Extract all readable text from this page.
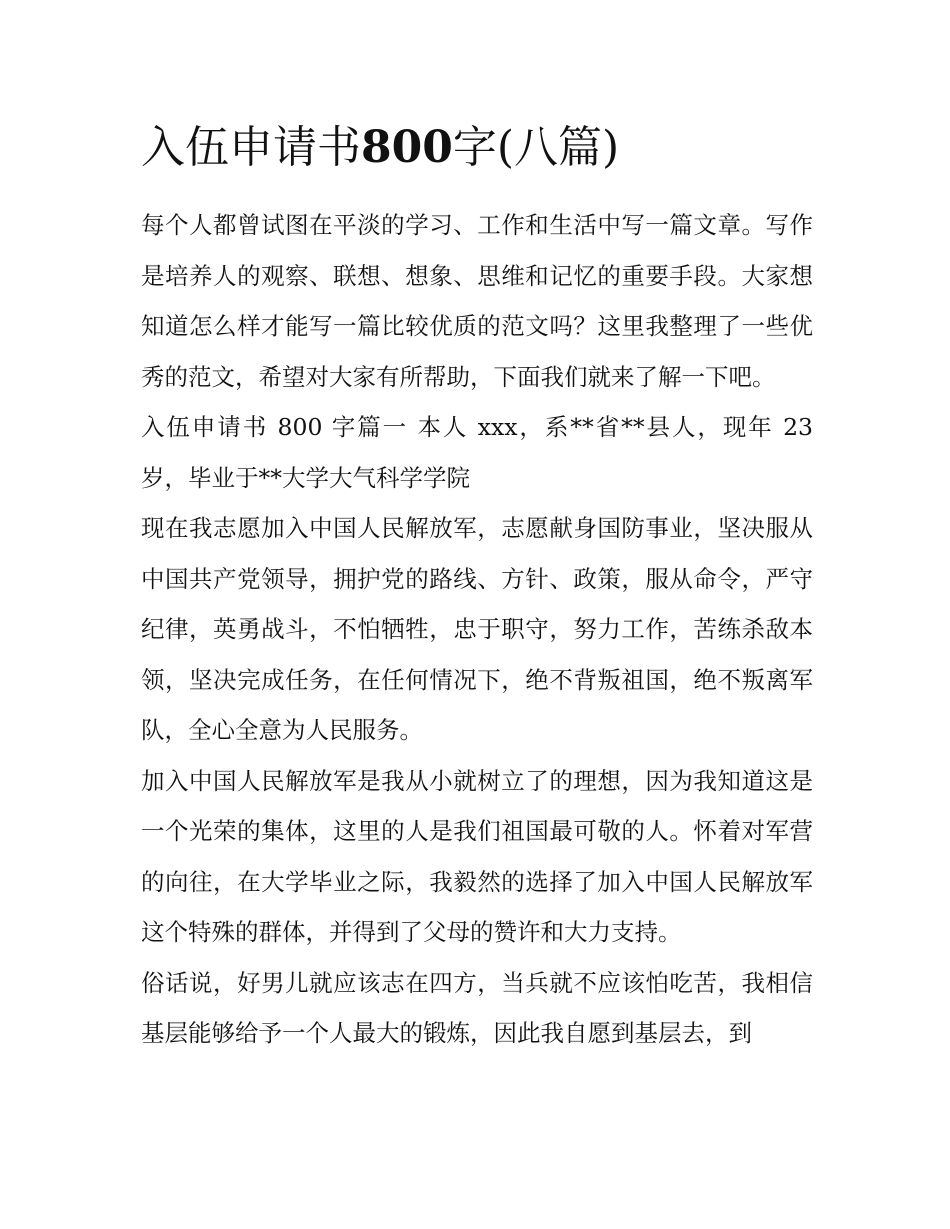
入伍申请书800字(八篇)

每个人都曾试图在平淡的学习、工作和生活中写一篇文章。写作是培养人的观察、联想、想象、思维和记忆的重要手段。大家想知道怎么样才能写一篇比较优质的范文吗？这里我整理了一些优秀的范文，希望对大家有所帮助，下面我们就来了解一下吧。

入伍申请书 800 字篇一 本人 xxx，系**省**县人，现年 23 岁，毕业于**大学大气科学学院

现在我志愿加入中国人民解放军，志愿献身国防事业，坚决服从中国共产党领导，拥护党的路线、方针、政策，服从命令，严守纪律，英勇战斗，不怕牺牲，忠于职守，努力工作，苦练杀敌本领，坚决完成任务，在任何情况下，绝不背叛祖国，绝不叛离军队，全心全意为人民服务。

加入中国人民解放军是我从小就树立了的理想，因为我知道这是一个光荣的集体，这里的人是我们祖国最可敬的人。怀着对军营的向往，在大学毕业之际，我毅然的选择了加入中国人民解放军这个特殊的群体，并得到了父母的赞许和大力支持。

俗话说，好男儿就应该志在四方，当兵就不应该怕吃苦，我相信基层能够给予一个人最大的锻炼，因此我自愿到基层去，到
